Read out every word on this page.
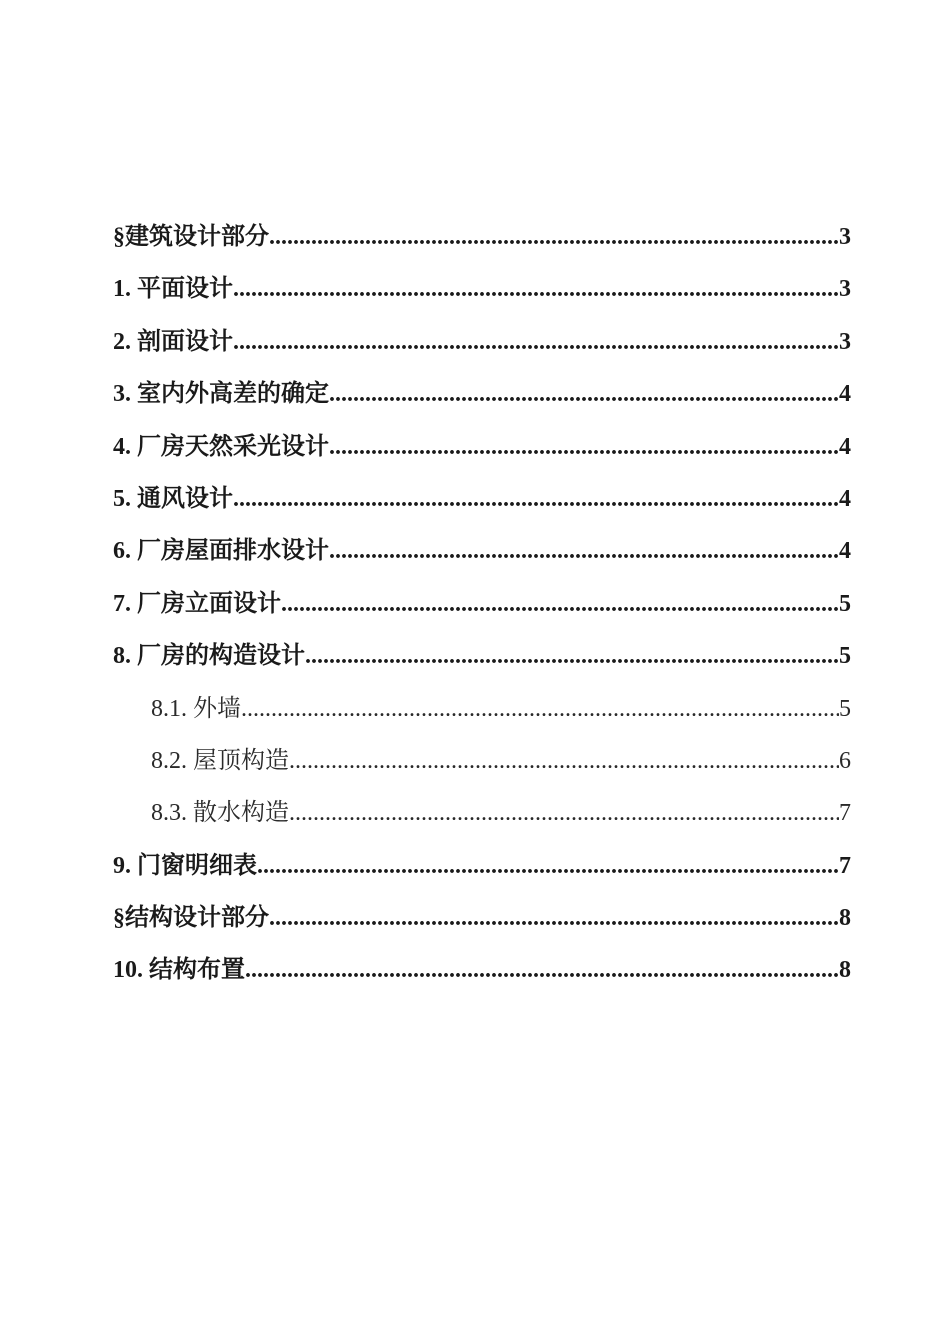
§建筑设计部分 .....	3
1. 平面设计 .....	3
2. 剖面设计 .....	3
3. 室内外高差的确定 .....	4
4. 厂房天然采光设计 .....	4
5. 通风设计 .....	4
6. 厂房屋面排水设计 .....	4
7. 厂房立面设计 .....	5
8. 厂房的构造设计 .....	5
8.1. 外墙 .....	5
8.2. 屋顶构造 .....	6
8.3. 散水构造 .....	7
9. 门窗明细表 .....	7
§结构设计部分 .....	8
10. 结构布置 .....	8
